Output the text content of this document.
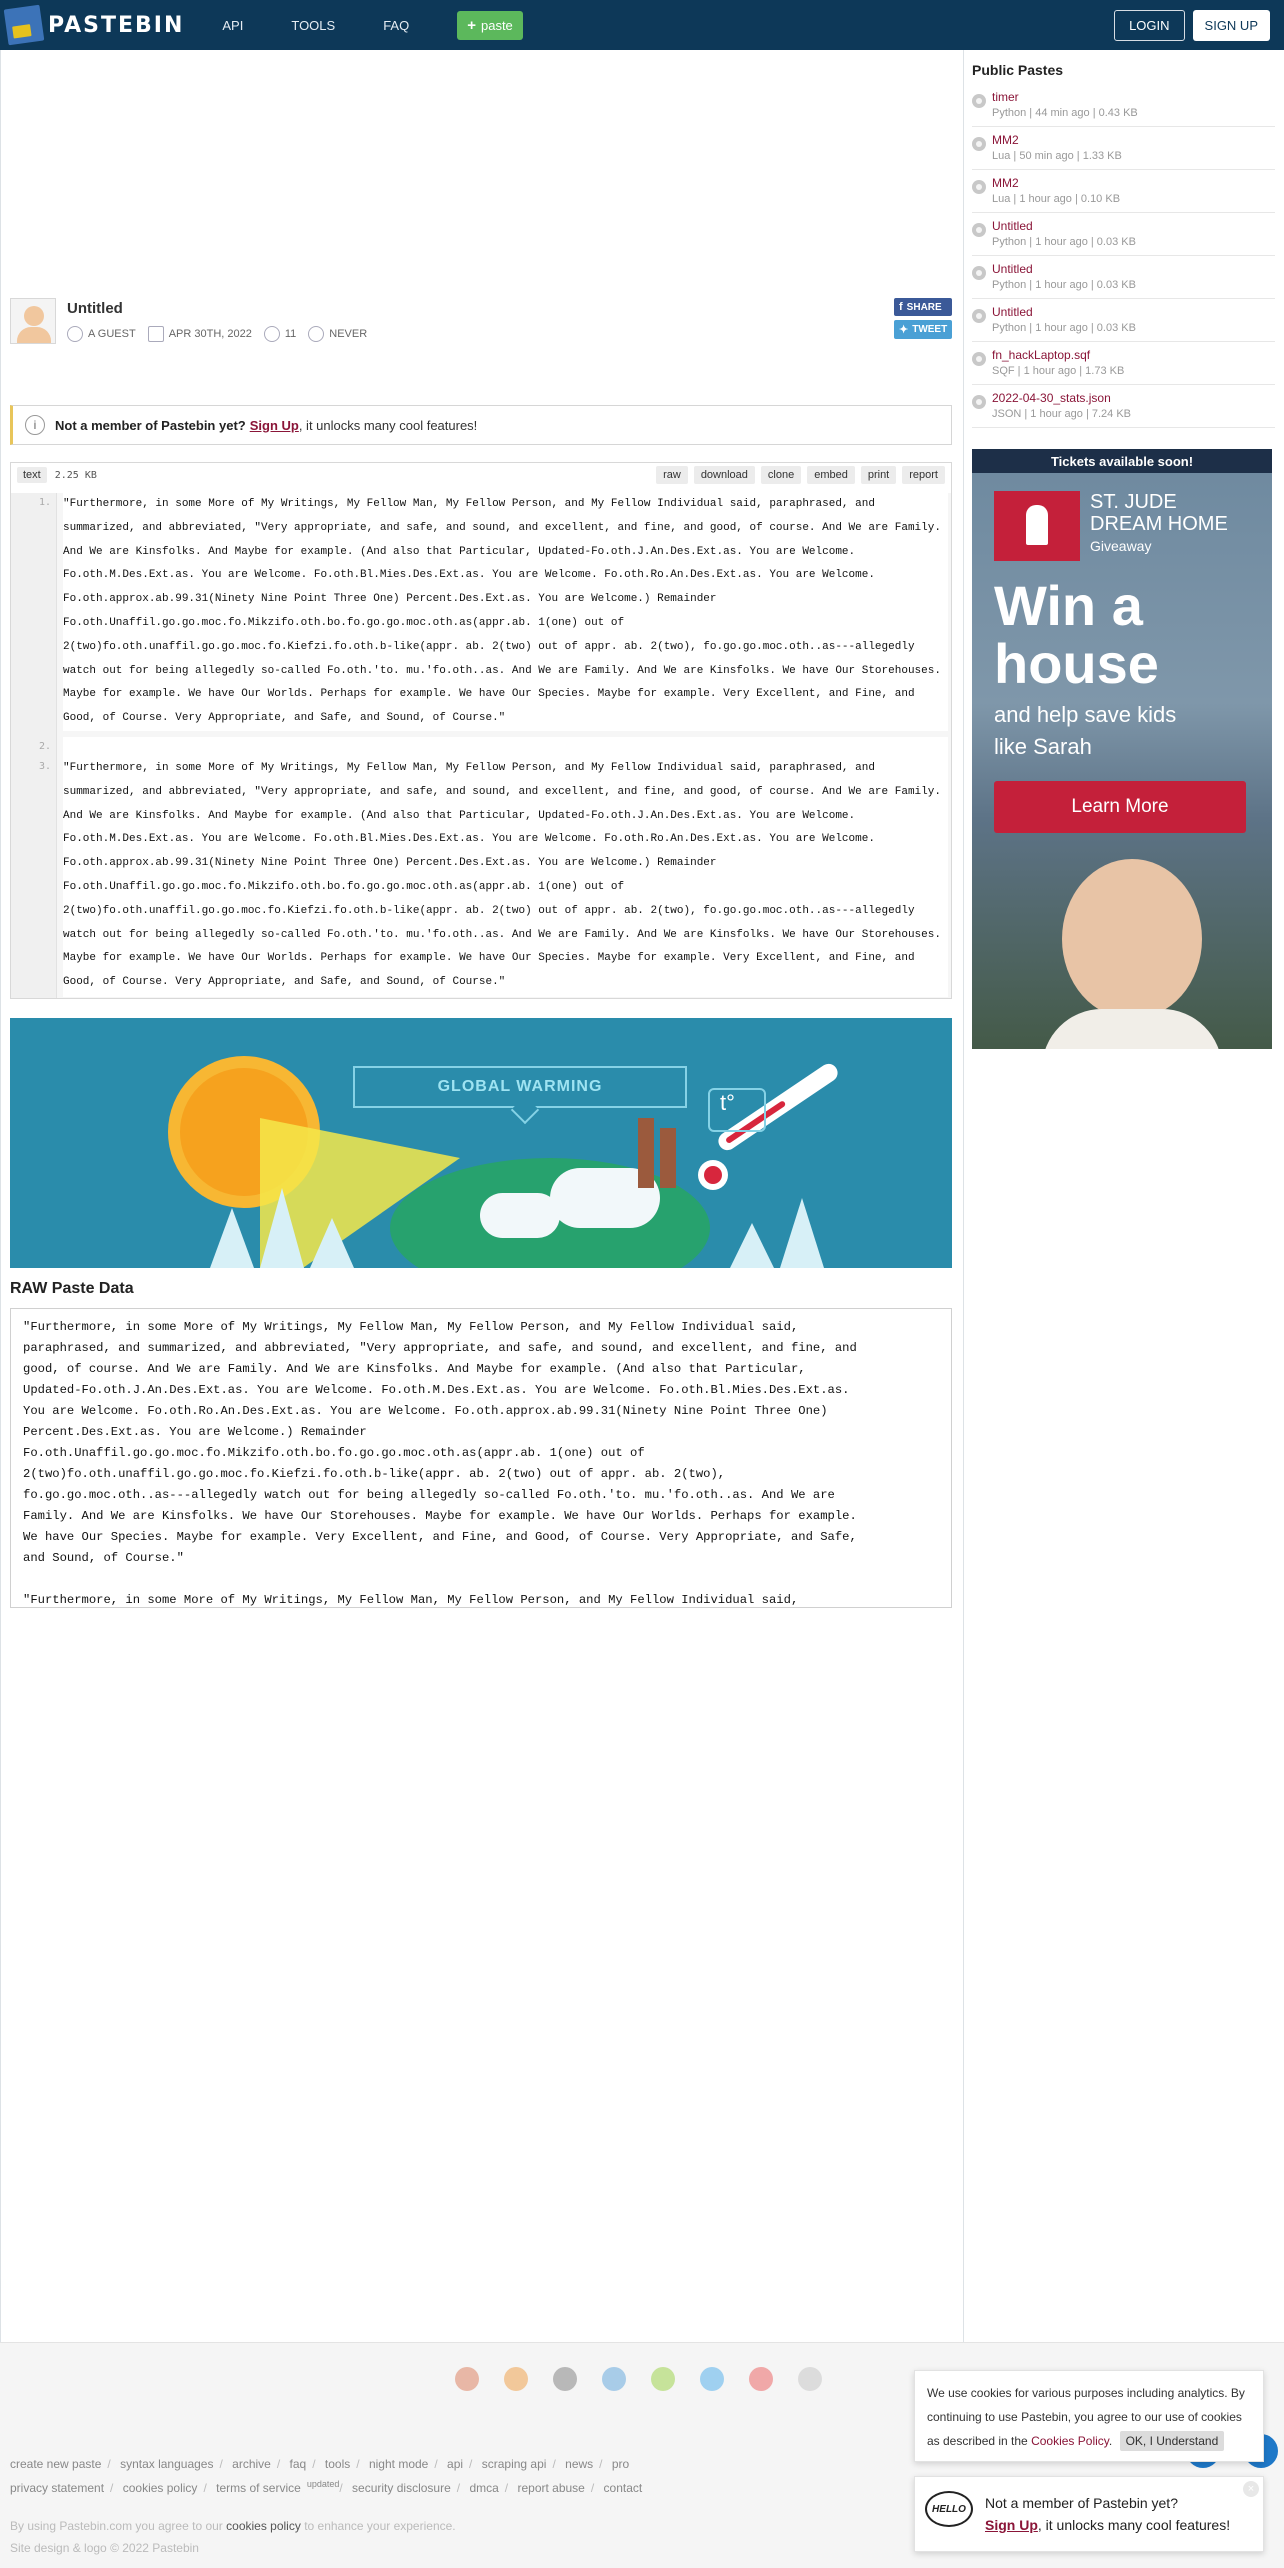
PASTEBIN	API	TOOLS	FAQ	+ paste	LOGIN	SIGN UP
Untitled
A GUEST	APR 30TH, 2022	11	NEVER
f SHARE
✦ TWEET
i	Not a member of Pastebin yet? Sign Up , it unlocks many cool features!
text	2.25 KB	raw	download	clone	embed	print	report
1. "Furthermore, in some More of My Writings, My Fellow Man, My Fellow Person, and My Fellow Individual said, paraphrased, and summarized, and abbreviated, "Very appropriate, and safe, and sound, and excellent, and fine, and good, of course. And We are Family. And We are Kinsfolks. And Maybe for example. (And also that Particular, Updated-Fo.oth.J.An.Des.Ext.as. You are Welcome. Fo.oth.M.Des.Ext.as. You are Welcome. Fo.oth.Bl.Mies.Des.Ext.as. You are Welcome. Fo.oth.Ro.An.Des.Ext.as. You are Welcome. Fo.oth.approx.ab.99.31(Ninety Nine Point Three One) Percent.Des.Ext.as. You are Welcome.) Remainder Fo.oth.Unaffil.go.go.moc.fo.Mikzifo.oth.bo.fo.go.go.moc.oth.as(appr.ab. 1(one) out of 2(two)fo.oth.unaffil.go.go.moc.fo.Kiefzi.fo.oth.b-like(appr. ab. 2(two) out of appr. ab. 2(two), fo.go.go.moc.oth..as---allegedly watch out for being allegedly so-called Fo.oth.'to. mu.'fo.oth..as. And We are Family. And We are Kinsfolks. We have Our Storehouses. Maybe for example. We have Our Worlds. Perhaps for example. We have Our Species. Maybe for example. Very Excellent, and Fine, and Good, of Course. Very Appropriate, and Safe, and Sound, of Course."
2.
3. "Furthermore, in some More of My Writings, My Fellow Man, My Fellow Person, and My Fellow Individual said, paraphrased, and summarized, and abbreviated, "Very appropriate, and safe, and sound, and excellent, and fine, and good, of course. And We are Family. And We are Kinsfolks. And Maybe for example. (And also that Particular, Updated-Fo.oth.J.An.Des.Ext.as. You are Welcome. Fo.oth.M.Des.Ext.as. You are Welcome. Fo.oth.Bl.Mies.Des.Ext.as. You are Welcome. Fo.oth.Ro.An.Des.Ext.as. You are Welcome. Fo.oth.approx.ab.99.31(Ninety Nine Point Three One) Percent.Des.Ext.as. You are Welcome.) Remainder Fo.oth.Unaffil.go.go.moc.fo.Mikzifo.oth.bo.fo.go.go.moc.oth.as(appr.ab. 1(one) out of 2(two)fo.oth.unaffil.go.go.moc.fo.Kiefzi.fo.oth.b-like(appr. ab. 2(two) out of appr. ab. 2(two), fo.go.go.moc.oth..as---allegedly watch out for being allegedly so-called Fo.oth.'to. mu.'fo.oth..as. And We are Family. And We are Kinsfolks. We have Our Storehouses. Maybe for example. We have Our Worlds. Perhaps for example. We have Our Species. Maybe for example. Very Excellent, and Fine, and Good, of Course. Very Appropriate, and Safe, and Sound, of Course."
t°
GLOBAL WARMING
RAW Paste Data
"Furthermore, in some More of My Writings, My Fellow Man, My Fellow Person, and My Fellow Individual said,
paraphrased, and summarized, and abbreviated, "Very appropriate, and safe, and sound, and excellent, and fine, and
good, of course. And We are Family. And We are Kinsfolks. And Maybe for example. (And also that Particular,
Updated-Fo.oth.J.An.Des.Ext.as. You are Welcome. Fo.oth.M.Des.Ext.as. You are Welcome. Fo.oth.Bl.Mies.Des.Ext.as.
You are Welcome. Fo.oth.Ro.An.Des.Ext.as. You are Welcome. Fo.oth.approx.ab.99.31(Ninety Nine Point Three One)
Percent.Des.Ext.as. You are Welcome.) Remainder
Fo.oth.Unaffil.go.go.moc.fo.Mikzifo.oth.bo.fo.go.go.moc.oth.as(appr.ab. 1(one) out of
2(two)fo.oth.unaffil.go.go.moc.fo.Kiefzi.fo.oth.b-like(appr. ab. 2(two) out of appr. ab. 2(two),
fo.go.go.moc.oth..as---allegedly watch out for being allegedly so-called Fo.oth.'to. mu.'fo.oth..as. And We are
Family. And We are Kinsfolks. We have Our Storehouses. Maybe for example. We have Our Worlds. Perhaps for example.
We have Our Species. Maybe for example. Very Excellent, and Fine, and Good, of Course. Very Appropriate, and Safe,
and Sound, of Course."

"Furthermore, in some More of My Writings, My Fellow Man, My Fellow Person, and My Fellow Individual said,
Public Pastes
timer
Python | 44 min ago | 0.43 KB
MM2
Lua | 50 min ago | 1.33 KB
MM2
Lua | 1 hour ago | 0.10 KB
Untitled
Python | 1 hour ago | 0.03 KB
Untitled
Python | 1 hour ago | 0.03 KB
Untitled
Python | 1 hour ago | 0.03 KB
fn_hackLaptop.sqf
SQF | 1 hour ago | 1.73 KB
2022-04-30_stats.json
JSON | 1 hour ago | 7.24 KB
Tickets available soon!
ST. JUDE
DREAM HOME
Giveaway
Win a
house
and help save kids
like Sarah
Learn More
create new paste / syntax languages / archive / faq / tools / night mode / api / scraping api / news / pro
privacy statement / cookies policy / terms of service $^{updated}$/ security disclosure / dmca / report abuse / contact
By using Pastebin.com you agree to our cookies policy to enhance your experience.
Site design & logo © 2022 Pastebin
We use cookies for various purposes including analytics. By
continuing to use Pastebin, you agree to our use of cookies
as described in the Cookies Policy. OK, I Understand
HELLO	Not a member of Pastebin yet?
Sign Up, it unlocks many cool features!
×
